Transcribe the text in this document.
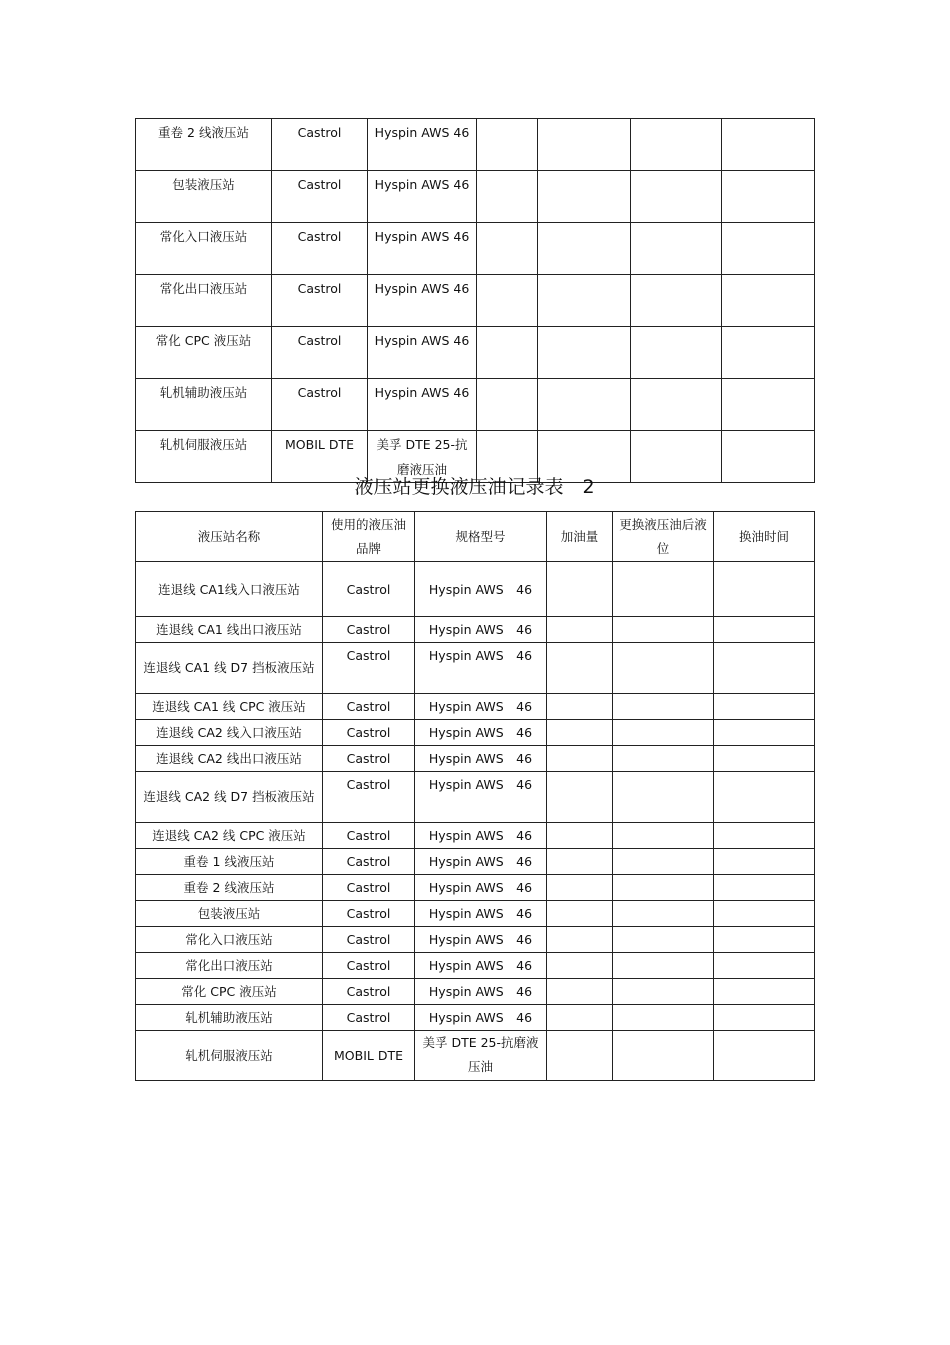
重卷 2 线液压站	Castrol	Hyspin AWS 46				
包装液压站	Castrol	Hyspin AWS 46				
常化入口液压站	Castrol	Hyspin AWS 46				
常化出口液压站	Castrol	Hyspin AWS 46				
常化 CPC 液压站	Castrol	Hyspin AWS 46				
轧机辅助液压站	Castrol	Hyspin AWS 46				
轧机伺服液压站	MOBIL DTE	美孚 DTE 25-抗磨液压油				
液压站更换液压油记录表　2
液压站名称	使用的液压油品牌	规格型号	加油量	更换液压油后液位	换油时间
连退线 CA1线入口液压站	Castrol	Hyspin AWS　46			
连退线 CA1 线出口液压站	Castrol	Hyspin AWS　46			
连退线 CA1 线 D7 挡板液压站	Castrol	Hyspin AWS　46			
连退线 CA1 线 CPC 液压站	Castrol	Hyspin AWS　46			
连退线 CA2 线入口液压站	Castrol	Hyspin AWS　46			
连退线 CA2 线出口液压站	Castrol	Hyspin AWS　46			
连退线 CA2 线 D7 挡板液压站	Castrol	Hyspin AWS　46			
连退线 CA2 线 CPC 液压站	Castrol	Hyspin AWS　46			
重卷 1 线液压站	Castrol	Hyspin AWS　46			
重卷 2 线液压站	Castrol	Hyspin AWS　46			
包装液压站	Castrol	Hyspin AWS　46			
常化入口液压站	Castrol	Hyspin AWS　46			
常化出口液压站	Castrol	Hyspin AWS　46			
常化 CPC 液压站	Castrol	Hyspin AWS　46			
轧机辅助液压站	Castrol	Hyspin AWS　46			
轧机伺服液压站	MOBIL DTE	美孚 DTE 25-抗磨液压油			
